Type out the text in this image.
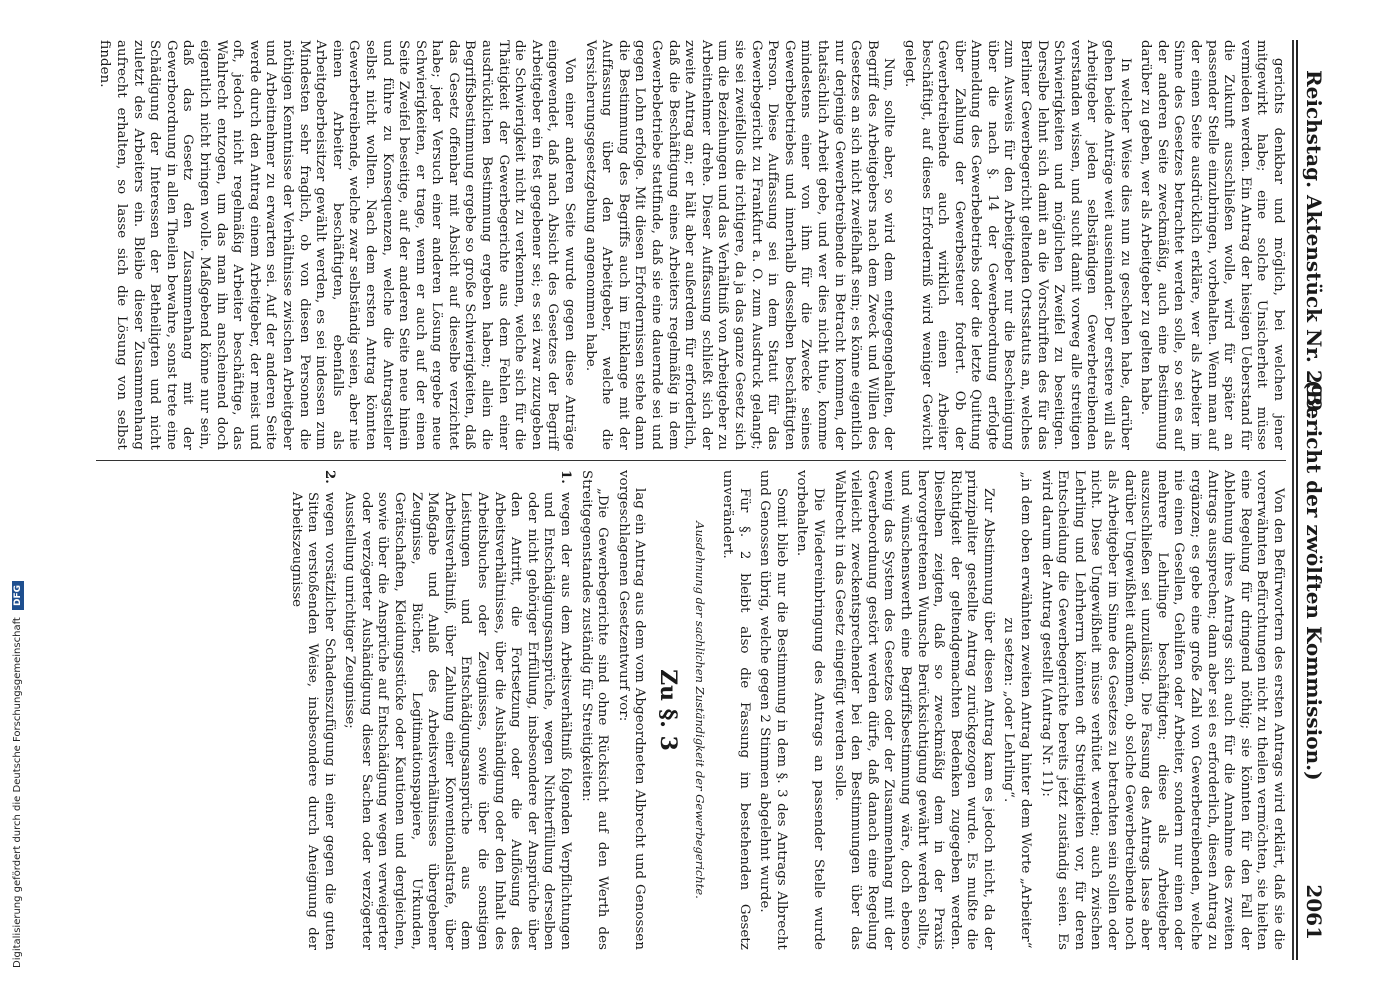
Reichstag. Aktenstück Nr. 299.
2061
(Bericht der zwölften Kommission.)

gerichts denkbar und möglich, bei welchen jener mitgewirkt habe; eine solche Unsicherheit müsse vermieden werden. Ein Antrag der hiesigen Ueberstand für die Zukunft ausschließen wolle, wird für später an passender Stelle einzubringen, vorbehalten. Wenn man auf der einen Seite ausdrücklich erkläre, wer als Arbeiter im Sinne des Gesetzes betrachtet werden solle, so sei es auf der anderen Seite zweckmäßig, auch eine Bestimmung darüber zu geben, wer als Arbeitgeber zu gelten habe.

In welcher Weise dies nun zu geschehen habe, darüber gehen beide Anträge weit auseinander. Der erstere will als Arbeitgeber jeden selbständigen Gewerbetreibenden verstanden wissen, und sucht damit vorweg alle streitigen Schwierigkeiten und möglichen Zweifel zu beseitigen. Derselbe lehnt sich damit an die Vorschriften des für das Berliner Gewerbegericht geltenden Ortsstatuts an, welches zum Ausweis für den Arbeitgeber nur die Bescheinigung über die nach §. 14 der Gewerbeordnung erfolgte Anmeldung des Gewerbebetriebs oder die letzte Quittung über Zahlung der Gewerbesteuer fordert. Ob der Gewerbetreibende auch wirklich einen Arbeiter beschäftigt, auf dieses Erforderniß wird weniger Gewicht gelegt.

Nun, sollte aber, so wird dem entgegengehalten, der Begriff des Arbeitgebers nach dem Zweck und Willen des Gesetzes an sich nicht zweifelhaft sein; es könne eigentlich nur derjenige Gewerbetreibende in Betracht kommen, der thatsächlich Arbeit gebe, und wer dies nicht thue, komme mindestens einer von ihm für die Zwecke seines Gewerbebetriebes und innerhalb desselben beschäftigten Person. Diese Auffassung sei in dem Statut für das Gewerbegericht zu Frankfurt a. O. zum Ausdruck gelangt; sie sei zweifellos die richtigere, da ja das ganze Gesetz sich um die Beziehungen und das Verhältniß von Arbeitgeber zu Arbeitnehmer drehe. Dieser Auffassung schließt sich der zweite Antrag an; er hält aber außerdem für erforderlich, daß die Beschäftigung eines Arbeiters regelmäßig in dem Gewerbebetriebe stattfinde, daß sie eine dauernde sei und gegen Lohn erfolge. Mit diesen Erfordernissen stehe dann die Bestimmung des Begriffs auch im Einklange mit der Auffassung über den Arbeitgeber, welche die Versicherungsgesetzgebung angenommen habe.

Von einer anderen Seite wurde gegen diese Anträge eingewendet, daß nach Absicht des Gesetzes der Begriff Arbeitgeber ein fest gegebener sei; es sei zwar zuzugeben die Schwierigkeit nicht zu verkennen, welche sich für die Thätigkeit der Gewerbegerichte aus dem Fehlen einer ausdrücklichen Bestimmung ergeben haben; allein die Begriffsbestimmung ergebe so große Schwierigkeiten, daß das Gesetz offenbar mit Absicht auf dieselbe verzichtet habe; jeder Versuch einer anderen Lösung ergebe neue Schwierigkeiten, er trage, wenn er auch auf der einen Seite Zweifel beseitige, auf der anderen Seite neue hinein und führe zu Konsequenzen, welche die Antragsteller selbst nicht wollten. Nach dem ersten Antrag könnten Gewerbetreibende, welche zwar selbständig seien, aber nie einen Arbeiter beschäftigten, ebenfalls als Arbeitgeberbeisitzer gewählt werden, es sei indessen zum Mindesten sehr fraglich, ob von diesen Personen die nöthigen Kenntnisse der Verhältnisse zwischen Arbeitgeber und Arbeitnehmer zu erwarten sei. Auf der anderen Seite werde durch den Antrag einem Arbeitgeber, der meist und oft, jedoch nicht regelmäßig Arbeiter beschäftige, das Wahlrecht entzogen, um das man ihn anscheinend doch eigentlich nicht bringen wolle. Maßgebend könne nur sein, daß das Gesetz den Zusammenhang mit der Gewerbeordnung in allen Theilen bewahre, sonst trete eine Schädigung der Interessen der Betheiligten und nicht zuletzt des Arbeiters ein. Bleibe dieser Zusammenhang aufrecht erhalten, so lasse sich die Lösung von selbst finden.

Von den Befürwortern des ersten Antrags wird erklärt, daß sie die vorerwähnten Befürchtungen nicht zu theilen vermöchten, sie hielten eine Regelung für dringend nöthig; sie könnten für den Fall der Ablehnung ihres Antrags sich auch für die Annahme des zweiten Antrags aussprechen; dann aber sei es erforderlich, diesen Antrag zu ergänzen; es gebe eine große Zahl von Gewerbetreibenden, welche nie einen Gesellen, Gehilfen oder Arbeiter, sondern nur einen oder mehrere Lehrlinge beschäftigten; diese als Arbeitgeber auszuschließen sei unzulässig. Die Fassung des Antrags lasse aber darüber Ungewißheit aufkommen, ob solche Gewerbetreibende noch als Arbeitgeber im Sinne des Gesetzes zu betrachten sein sollen oder nicht. Diese Ungewißheit müsse verhütet werden; auch zwischen Lehrling und Lehrherrn könnten oft Streitigkeiten vor, für deren Entscheidung die Gewerbegerichte bereits jetzt zuständig seien. Es wird darum der Antrag gestellt (Antrag Nr. 11):

„in dem oben erwähnten zweiten Antrag hinter dem Worte „Arbeiter“ zu setzen: „oder Lehrling“.

Zur Abstimmung über diesen Antrag kam es jedoch nicht, da der prinzipaliter gestellte Antrag zurückgezogen wurde. Es mußte die Richtigkeit der geltendgemachten Bedenken zugegeben werden. Dieselben zeigten, daß so zweckmäßig dem in der Praxis hervorgetretenen Wunsche Berücksichtigung gewährt werden sollte, und wünschenswerth eine Begriffsbestimmung wäre, doch ebenso wenig das System des Gesetzes oder der Zusammenhang mit der Gewerbeordnung gestört werden dürfe, daß danach eine Regelung vielleicht zweckentsprechender bei den Bestimmungen über das Wahlrecht in das Gesetz eingefügt werden solle.

Die Wiedereinbringung des Antrags an passender Stelle wurde vorbehalten.

Somit blieb nur die Bestimmung in dem §. 3 des Antrags Albrecht und Genossen übrig, welche gegen 2 Stimmen abgelehnt wurde.

Für §. 2 bleibt also die Fassung im bestehenden Gesetz unverändert.

Ausdehnung der sachlichen Zuständigkeit der Gewerbegerichte.

Zu §. 3

lag ein Antrag aus dem vom Abgeordneten Albrecht und Genossen vorgeschlagenen Gesetzentwurf vor:

„Die Gewerbegerichte sind ohne Rücksicht auf den Werth des Streitgegenstandes zuständig für Streitigkeiten:

1.
wegen der aus dem Arbeitsverhältniß folgenden Verpflichtungen und Entschädigungsansprüche, wegen Nichterfüllung derselben oder nicht gehöriger Erfüllung, insbesondere der Ansprüche über den Antritt, die Fortsetzung oder die Auflösung des Arbeitsverhältnisses, über die Aushändigung oder den Inhalt des Arbeitsbuches oder Zeugnisses, sowie über die sonstigen Leistungen und Entschädigungsansprüche aus dem Arbeitsverhältniß, über Zahlung einer Konventionalstrafe, über Maßgabe und Anlaß des Arbeitsverhältnisses übergebener Zeugnisse, Bücher, Legitimationspapiere, Urkunden, Gerätschaften, Kleidungsstücke oder Kautionen und dergleichen, sowie über die Ansprüche auf Entschädigung wegen verweigerter oder verzögerter Aushändigung dieser Sachen oder verzögerter Ausstellung unrichtiger Zeugnisse;
2.
wegen vorsätzlicher Schadenszufügung in einer gegen die guten Sitten verstoßenden Weise, insbesondere durch Aneignung der Arbeitszeugnisse
Digitalisierung gefördert durch die Deutsche Forschungsgemeinschaft DFG
